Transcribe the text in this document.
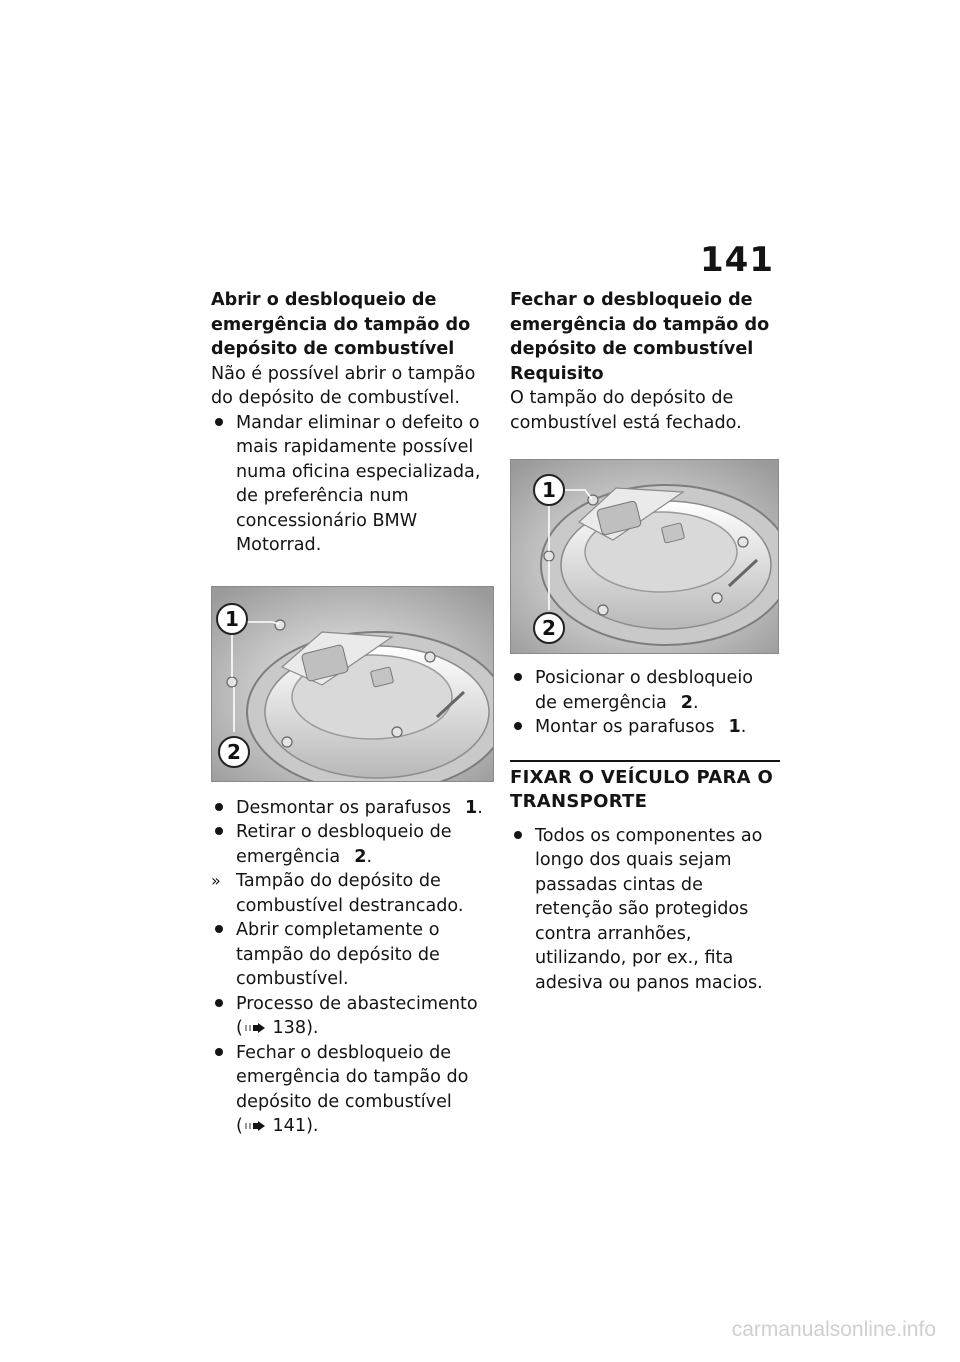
141

Abrir o desbloqueio de emergência do tampão do depósito de combustível

Não é possível abrir o tampão do depósito de combustível.

Mandar eliminar o defeito o mais rapidamente possível numa oficina especializada, de preferência num concessionário BMW Motorrad.
1
2
Desmontar os parafusos 1.
Retirar o desbloqueio de emergência 2.
» Tampão do depósito de combustível destrancado.
Abrir completamente o tampão do depósito de combustível.
Processo de abastecimento
( 138).
Fechar o desbloqueio de emergência do tampão do depósito de combustível
( 141).

Fechar o desbloqueio de emergência do tampão do depósito de combustível

Requisito

O tampão do depósito de combustível está fechado.

1
2
Posicionar o desbloqueio de emergência 2.
Montar os parafusos 1.

FIXAR O VEÍCULO PARA O TRANSPORTE

Todos os componentes ao longo dos quais sejam passadas cintas de retenção são protegidos contra arranhões, utilizando, por ex., fita adesiva ou panos macios.
carmanualsonline.info
